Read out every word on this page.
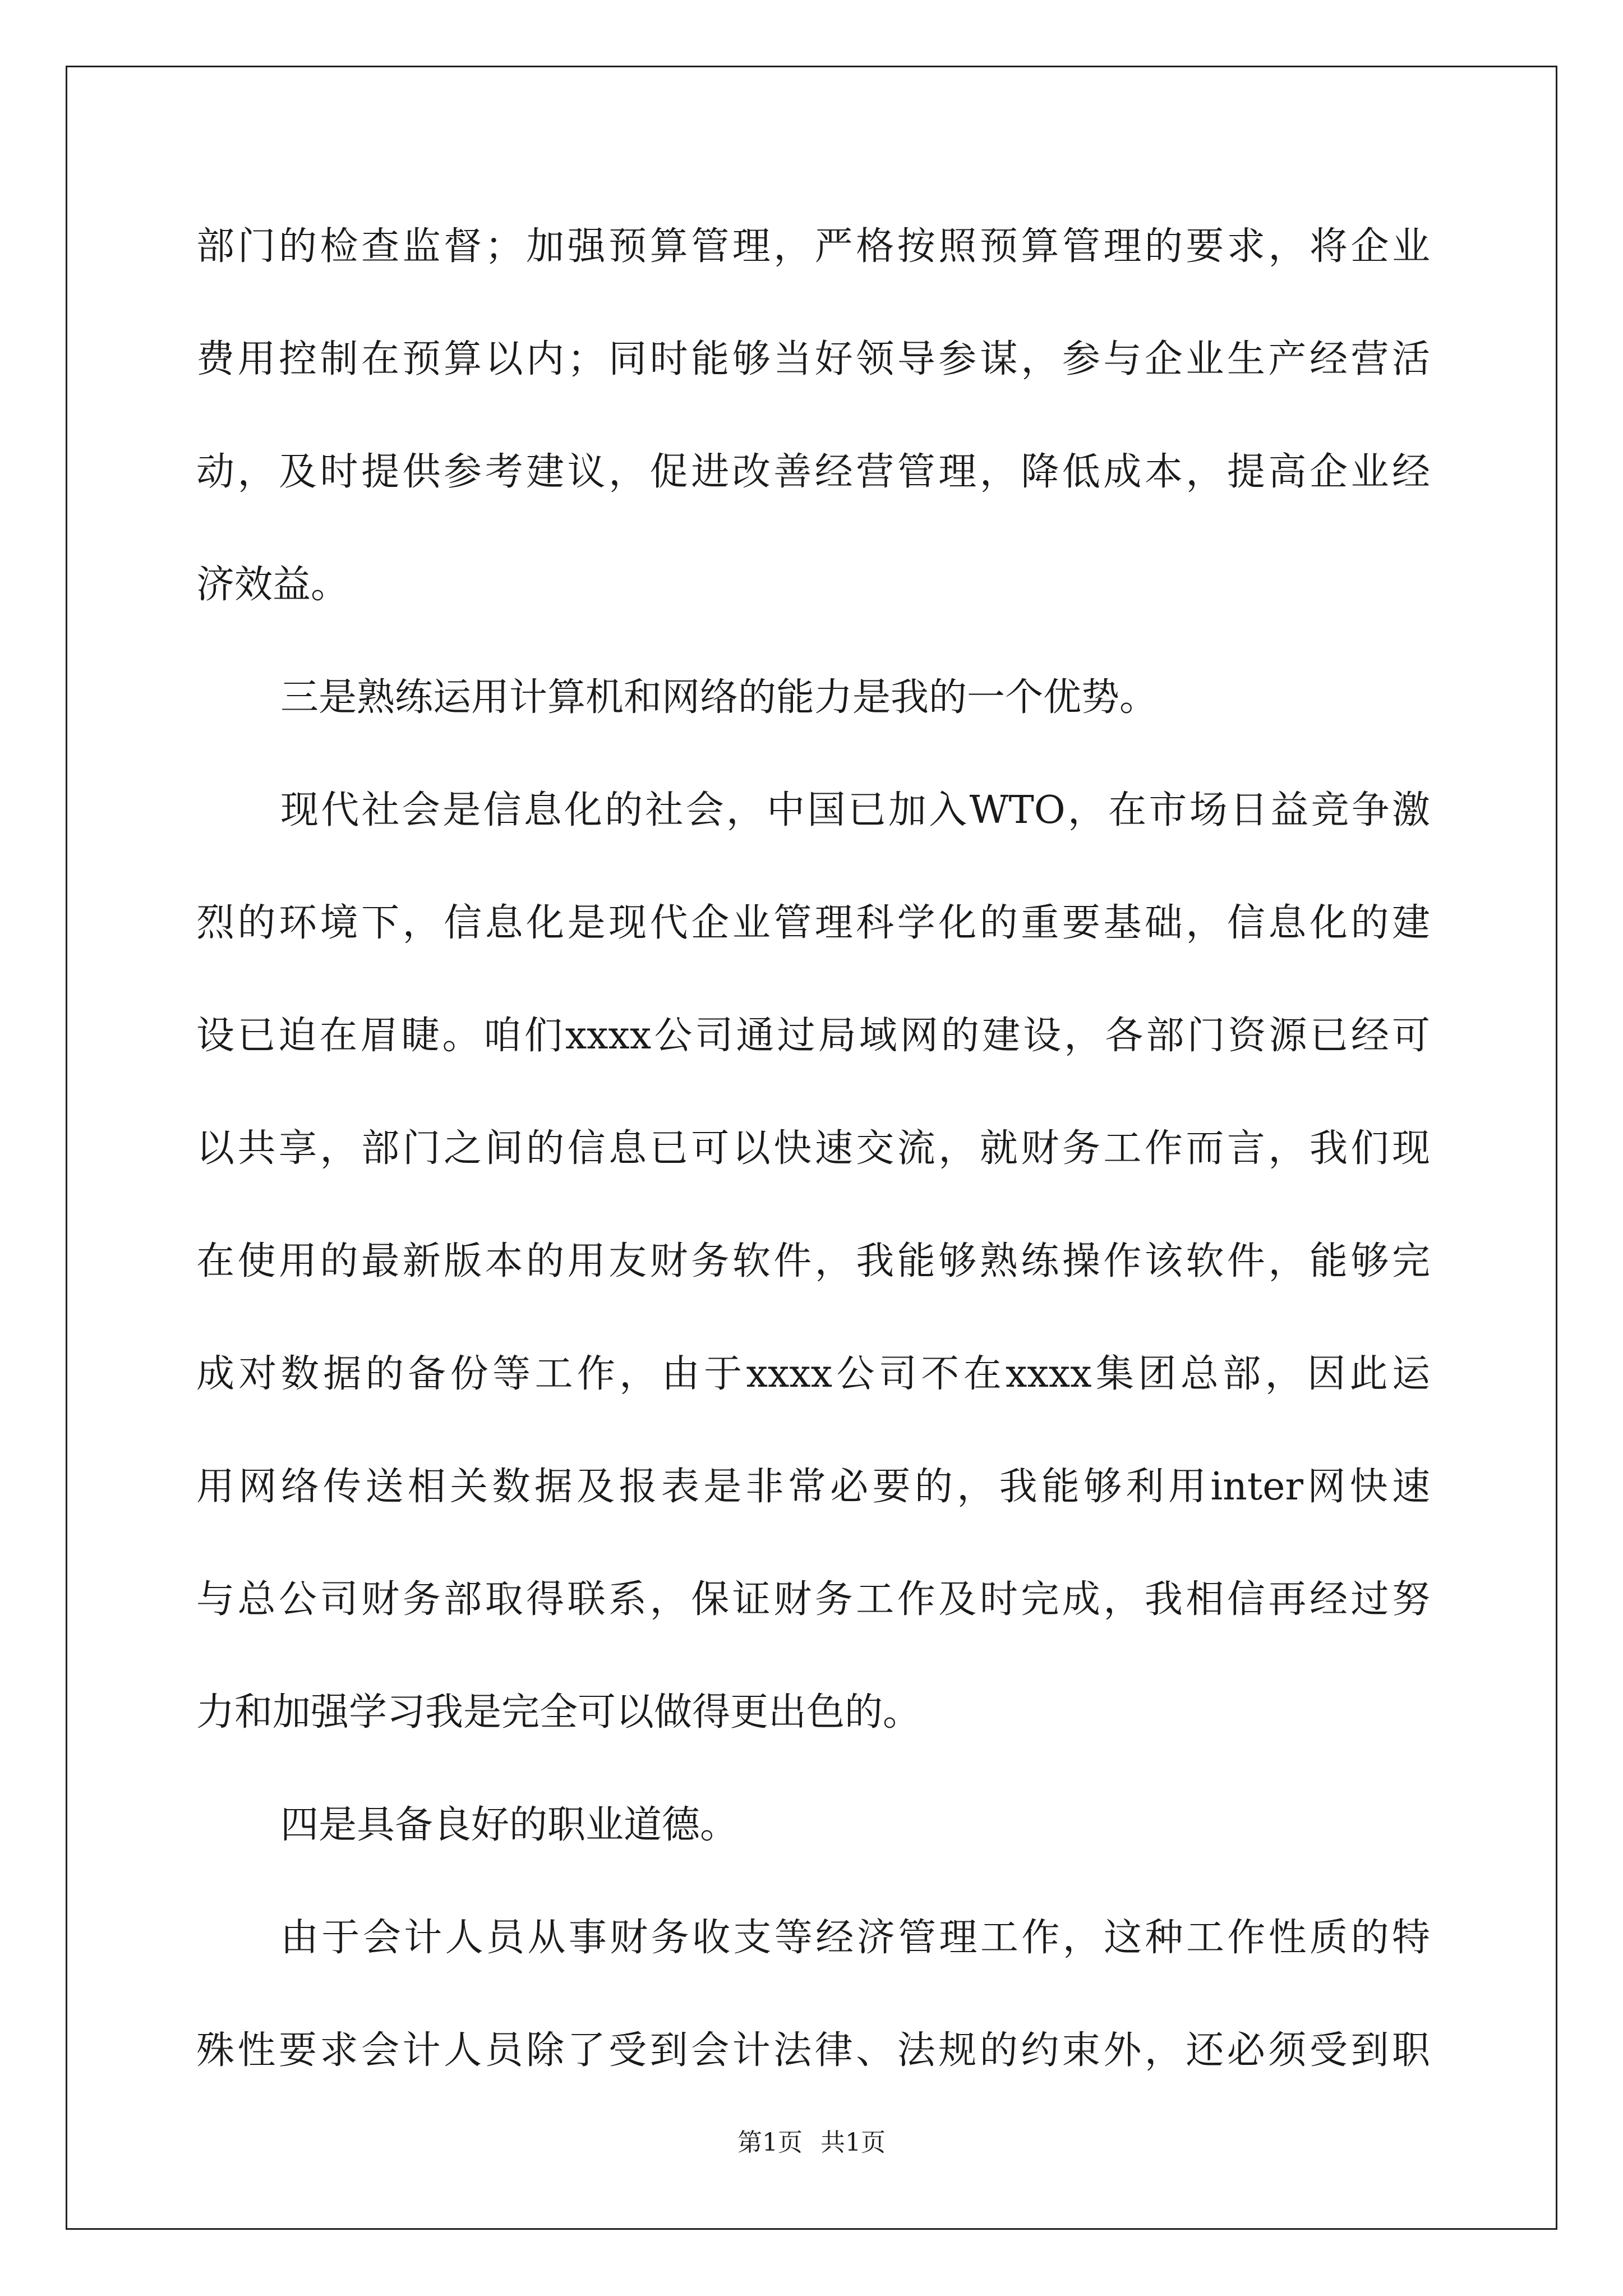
部门的检查监督；加强预算管理，严格按照预算管理的要求，将企业
费用控制在预算以内；同时能够当好领导参谋，参与企业生产经营活
动，及时提供参考建议，促进改善经营管理，降低成本，提高企业经
济效益。
三是熟练运用计算机和网络的能力是我的一个优势。
现代社会是信息化的社会，中国已加入WTO，在市场日益竞争激
烈的环境下，信息化是现代企业管理科学化的重要基础，信息化的建
设已迫在眉睫。咱们xxxx公司通过局域网的建设，各部门资源已经可
以共享，部门之间的信息已可以快速交流，就财务工作而言，我们现
在使用的最新版本的用友财务软件，我能够熟练操作该软件，能够完
成对数据的备份等工作，由于xxxx公司不在xxxx集团总部，因此运
用网络传送相关数据及报表是非常必要的，我能够利用inter网快速
与总公司财务部取得联系，保证财务工作及时完成，我相信再经过努
力和加强学习我是完全可以做得更出色的。
四是具备良好的职业道德。
由于会计人员从事财务收支等经济管理工作，这种工作性质的特
殊性要求会计人员除了受到会计法律、法规的约束外，还必须受到职
第1页 共1页
